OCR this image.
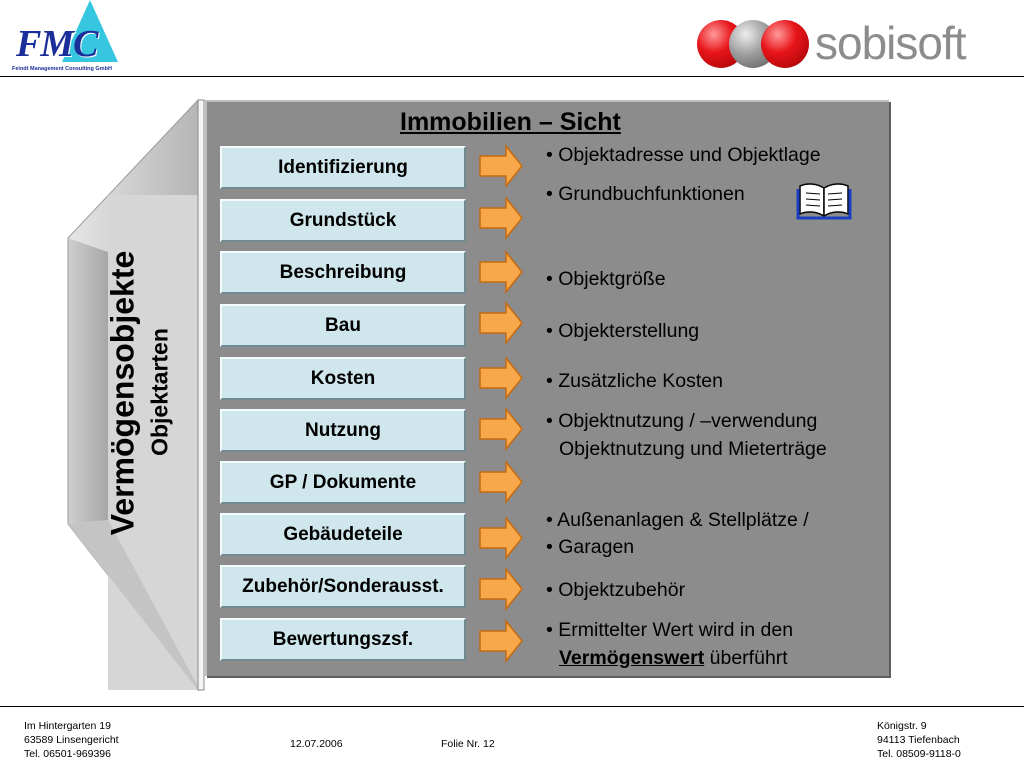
FMC
Feindt Management Consulting GmbH	sobisoft
Vermögensobjekte Objektarten
Immobilien – Sicht
Identifizierung
Grundstück
Beschreibung
Bau
Kosten
Nutzung
GP / Dokumente
Gebäudeteile
Zubehör/Sonderausst.
Bewertungszsf.
• Objektadresse und Objektlage
• Grundbuchfunktionen
• Objektgröße
• Objekterstellung
• Zusätzliche Kosten
• Objektnutzung / –verwendung
Objektnutzung und Mieterträge
• Außenanlagen & Stellplätze /
• Garagen
• Objektzubehör
• Ermittelter Wert wird in den
Vermögenswert überführt
Im Hintergarten 19
63589 Linsengericht
Tel. 06501-969396
12.07.2006	Folie Nr. 12
Königstr. 9
94113 Tiefenbach
Tel. 08509-9118-0
